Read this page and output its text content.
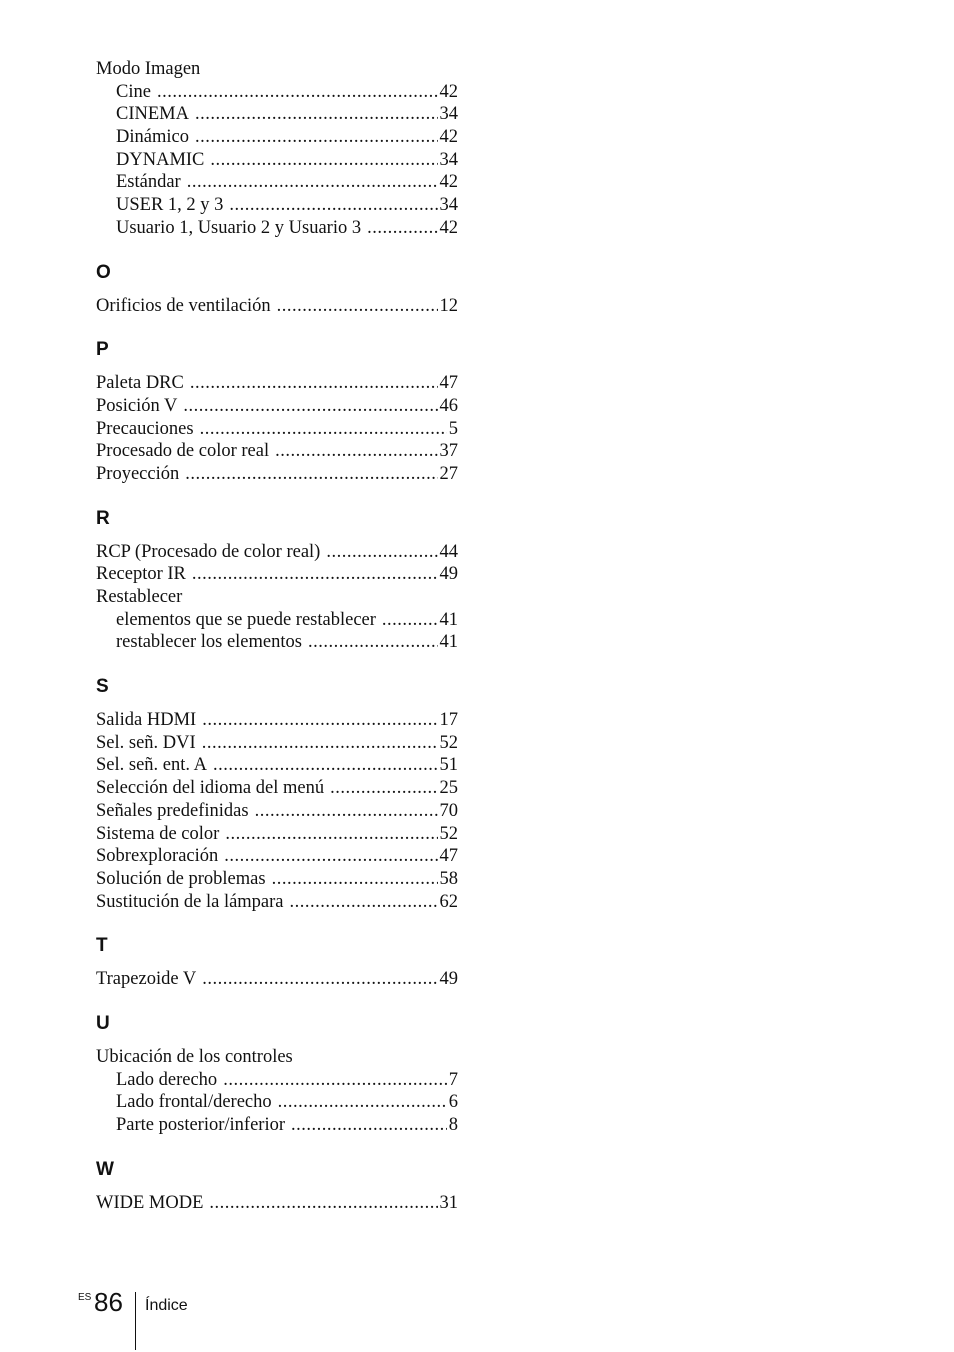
Modo Imagen
Cine .....	42
CINEMA .....	34
Dinámico .....	42
DYNAMIC .....	34
Estándar .....	42
USER 1, 2 y 3 .....	34
Usuario 1, Usuario 2 y Usuario 3 .....	42
O
Orificios de ventilación .....	12
P
Paleta DRC .....	47
Posición V .....	46
Precauciones .....	5
Procesado de color real .....	37
Proyección .....	27
R
RCP (Procesado de color real) .....	44
Receptor IR .....	49
Restablecer
elementos que se puede restablecer .....	41
restablecer los elementos .....	41
S
Salida HDMI .....	17
Sel. señ. DVI .....	52
Sel. señ. ent. A .....	51
Selección del idioma del menú .....	25
Señales predefinidas .....	70
Sistema de color .....	52
Sobrexploración .....	47
Solución de problemas .....	58
Sustitución de la lámpara .....	62
T
Trapezoide V .....	49
U
Ubicación de los controles
Lado derecho .....	7
Lado frontal/derecho .....	6
Parte posterior/inferior .....	8
W
WIDE MODE .....	31
ES 86 Índice
